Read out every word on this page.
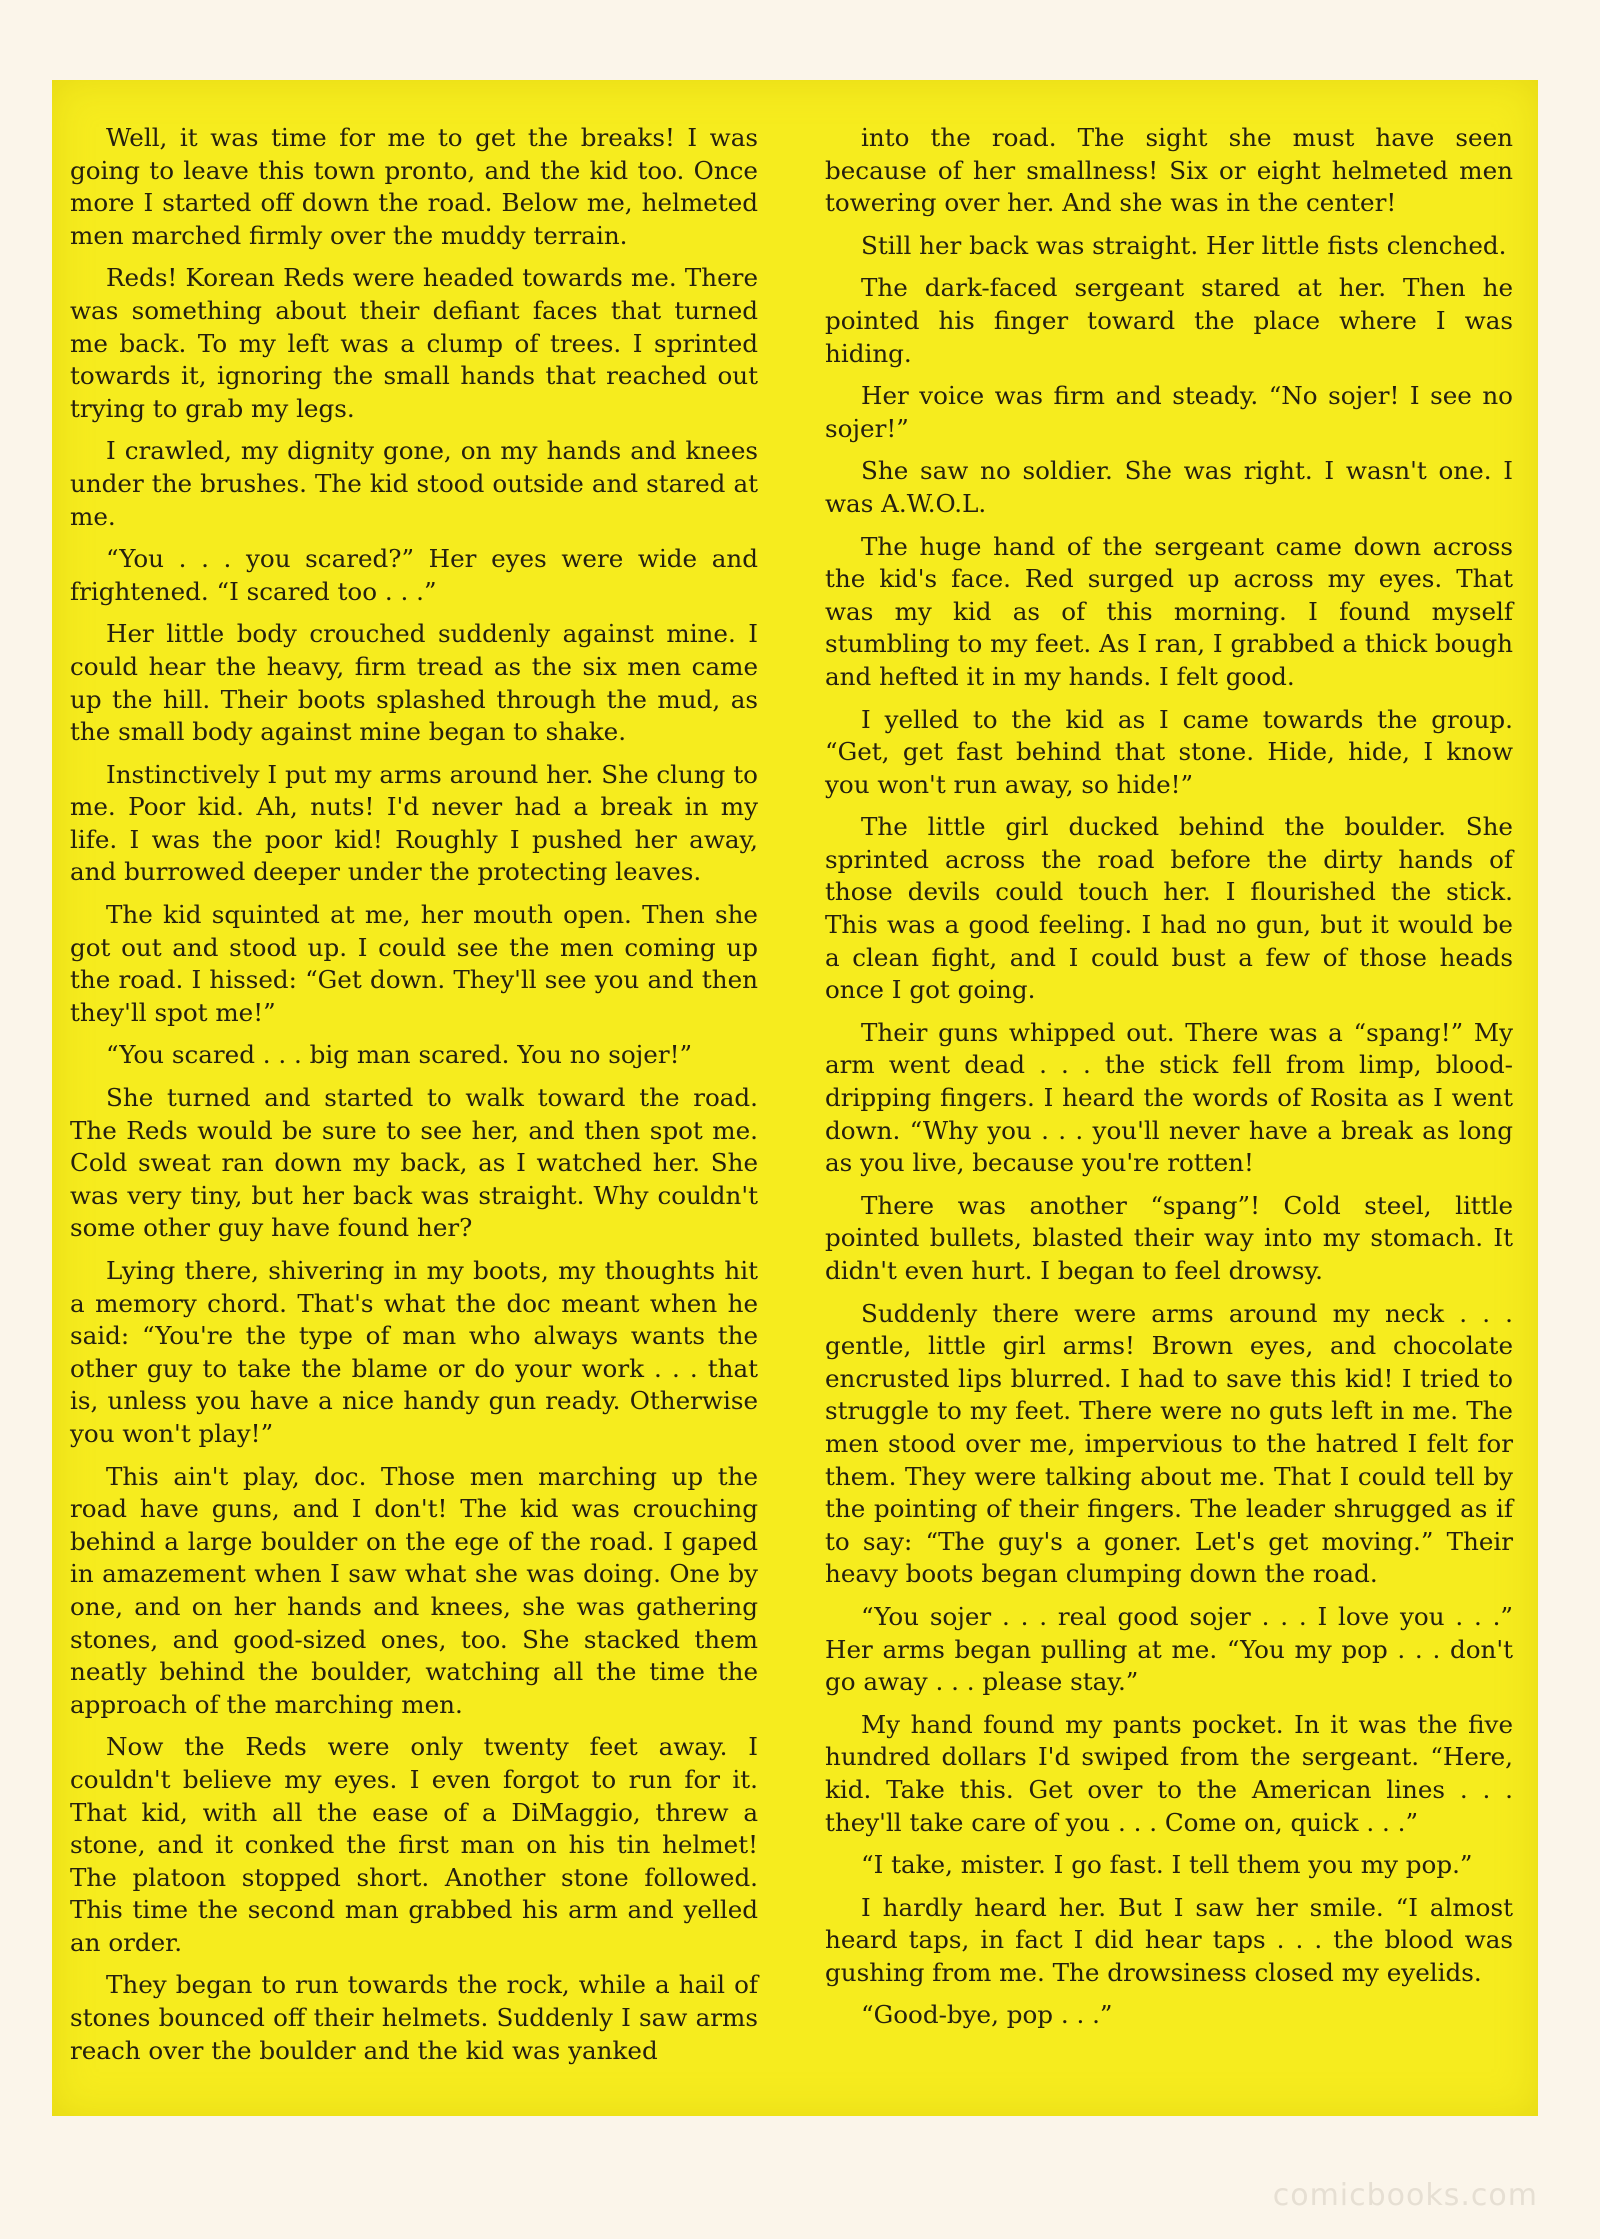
Well, it was time for me to get the breaks! I was going to leave this town pronto, and the kid too. Once more I started off down the road. Below me, helmeted men marched firmly over the muddy terrain.

Reds! Korean Reds were headed towards me. There was something about their defiant faces that turned me back. To my left was a clump of trees. I sprinted towards it, ignoring the small hands that reached out trying to grab my legs.

I crawled, my dignity gone, on my hands and knees under the brushes. The kid stood outside and stared at me.

“You . . . you scared?” Her eyes were wide and frightened. “I scared too . . .”

Her little body crouched suddenly against mine. I could hear the heavy, firm tread as the six men came up the hill. Their boots splashed through the mud, as the small body against mine began to shake.

Instinctively I put my arms around her. She clung to me. Poor kid. Ah, nuts! I'd never had a break in my life. I was the poor kid! Roughly I pushed her away, and burrowed deeper under the protecting leaves.

The kid squinted at me, her mouth open. Then she got out and stood up. I could see the men coming up the road. I hissed: “Get down. They'll see you and then they'll spot me!”

“You scared . . . big man scared. You no sojer!”

She turned and started to walk toward the road. The Reds would be sure to see her, and then spot me. Cold sweat ran down my back, as I watched her. She was very tiny, but her back was straight. Why couldn't some other guy have found her?

Lying there, shivering in my boots, my thoughts hit a memory chord. That's what the doc meant when he said: “You're the type of man who always wants the other guy to take the blame or do your work . . . that is, unless you have a nice handy gun ready. Otherwise you won't play!”

This ain't play, doc. Those men marching up the road have guns, and I don't! The kid was crouching behind a large boulder on the ege of the road. I gaped in amazement when I saw what she was doing. One by one, and on her hands and knees, she was gathering stones, and good-sized ones, too. She stacked them neatly behind the boulder, watching all the time the approach of the marching men.

Now the Reds were only twenty feet away. I couldn't believe my eyes. I even forgot to run for it. That kid, with all the ease of a DiMaggio, threw a stone, and it conked the first man on his tin helmet! The platoon stopped short. Another stone followed. This time the second man grabbed his arm and yelled an order.

They began to run towards the rock, while a hail of stones bounced off their helmets. Suddenly I saw arms reach over the boulder and the kid was yanked

into the road. The sight she must have seen because of her smallness! Six or eight helmeted men towering over her. And she was in the center!

Still her back was straight. Her little fists clenched.

The dark-faced sergeant stared at her. Then he pointed his finger toward the place where I was hiding.

Her voice was firm and steady. “No sojer! I see no sojer!”

She saw no soldier. She was right. I wasn't one. I was A.W.O.L.

The huge hand of the sergeant came down across the kid's face. Red surged up across my eyes. That was my kid as of this morning. I found myself stumbling to my feet. As I ran, I grabbed a thick bough and hefted it in my hands. I felt good.

I yelled to the kid as I came towards the group. “Get, get fast behind that stone. Hide, hide, I know you won't run away, so hide!”

The little girl ducked behind the boulder. She sprinted across the road before the dirty hands of those devils could touch her. I flourished the stick. This was a good feeling. I had no gun, but it would be a clean fight, and I could bust a few of those heads once I got going.

Their guns whipped out. There was a “spang!” My arm went dead . . . the stick fell from limp, blood-dripping fingers. I heard the words of Rosita as I went down. “Why you . . . you'll never have a break as long as you live, because you're rotten!

There was another “spang”! Cold steel, little pointed bullets, blasted their way into my stomach. It didn't even hurt. I began to feel drowsy.

Suddenly there were arms around my neck . . . gentle, little girl arms! Brown eyes, and chocolate encrusted lips blurred. I had to save this kid! I tried to struggle to my feet. There were no guts left in me. The men stood over me, impervious to the hatred I felt for them. They were talking about me. That I could tell by the pointing of their fingers. The leader shrugged as if to say: “The guy's a goner. Let's get moving.” Their heavy boots began clumping down the road.

“You sojer . . . real good sojer . . . I love you . . .” Her arms began pulling at me. “You my pop . . . don't go away . . . please stay.”

My hand found my pants pocket. In it was the five hundred dollars I'd swiped from the sergeant. “Here, kid. Take this. Get over to the American lines . . . they'll take care of you . . . Come on, quick . . .”

“I take, mister. I go fast. I tell them you my pop.”

I hardly heard her. But I saw her smile. “I almost heard taps, in fact I did hear taps . . . the blood was gushing from me. The drowsiness closed my eyelids.

“Good-bye, pop . . .”

comicbooks.com
